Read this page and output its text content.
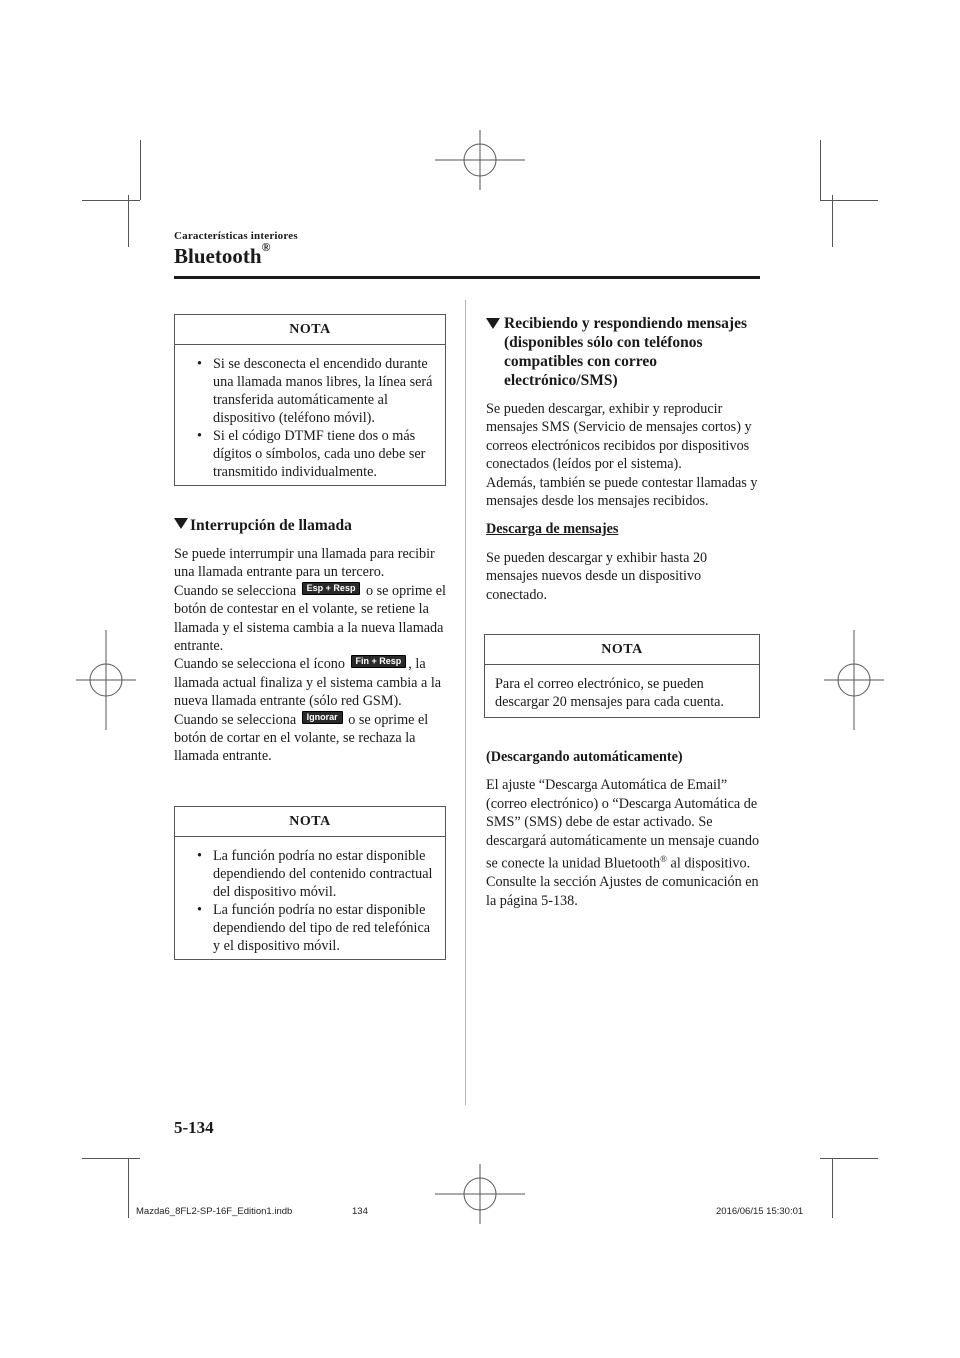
Características interiores
Bluetooth®
NOTA
• Si se desconecta el encendido durante una llamada manos libres, la línea será transferida automáticamente al dispositivo (teléfono móvil).
• Si el código DTMF tiene dos o más dígitos o símbolos, cada uno debe ser transmitido individualmente.
Interrupción de llamada
Se puede interrumpir una llamada para recibir una llamada entrante para un tercero.
Cuando se selecciona Esp + Resp o se oprime el botón de contestar en el volante, se retiene la llamada y el sistema cambia a la nueva llamada entrante.
Cuando se selecciona el ícono Fin + Resp , la llamada actual finaliza y el sistema cambia a la nueva llamada entrante (sólo red GSM).
Cuando se selecciona Ignorar o se oprime el botón de cortar en el volante, se rechaza la llamada entrante.
NOTA
• La función podría no estar disponible dependiendo del contenido contractual del dispositivo móvil.
• La función podría no estar disponible dependiendo del tipo de red telefónica y el dispositivo móvil.
Recibiendo y respondiendo mensajes (disponibles sólo con teléfonos compatibles con correo electrónico/SMS)
Se pueden descargar, exhibir y reproducir mensajes SMS (Servicio de mensajes cortos) y correos electrónicos recibidos por dispositivos conectados (leídos por el sistema).
Además, también se puede contestar llamadas y mensajes desde los mensajes recibidos.
Descarga de mensajes
Se pueden descargar y exhibir hasta 20 mensajes nuevos desde un dispositivo conectado.
NOTA
Para el correo electrónico, se pueden descargar 20 mensajes para cada cuenta.
(Descargando automáticamente)
El ajuste “Descarga Automática de Email” (correo electrónico) o “Descarga Automática de SMS” (SMS) debe de estar activado. Se descargará automáticamente un mensaje cuando se conecte la unidad Bluetooth® al dispositivo.
Consulte la sección Ajustes de comunicación en la página 5-138.
5-134
Mazda6_8FL2-SP-16F_Edition1.indb	134	2016/06/15 15:30:01
